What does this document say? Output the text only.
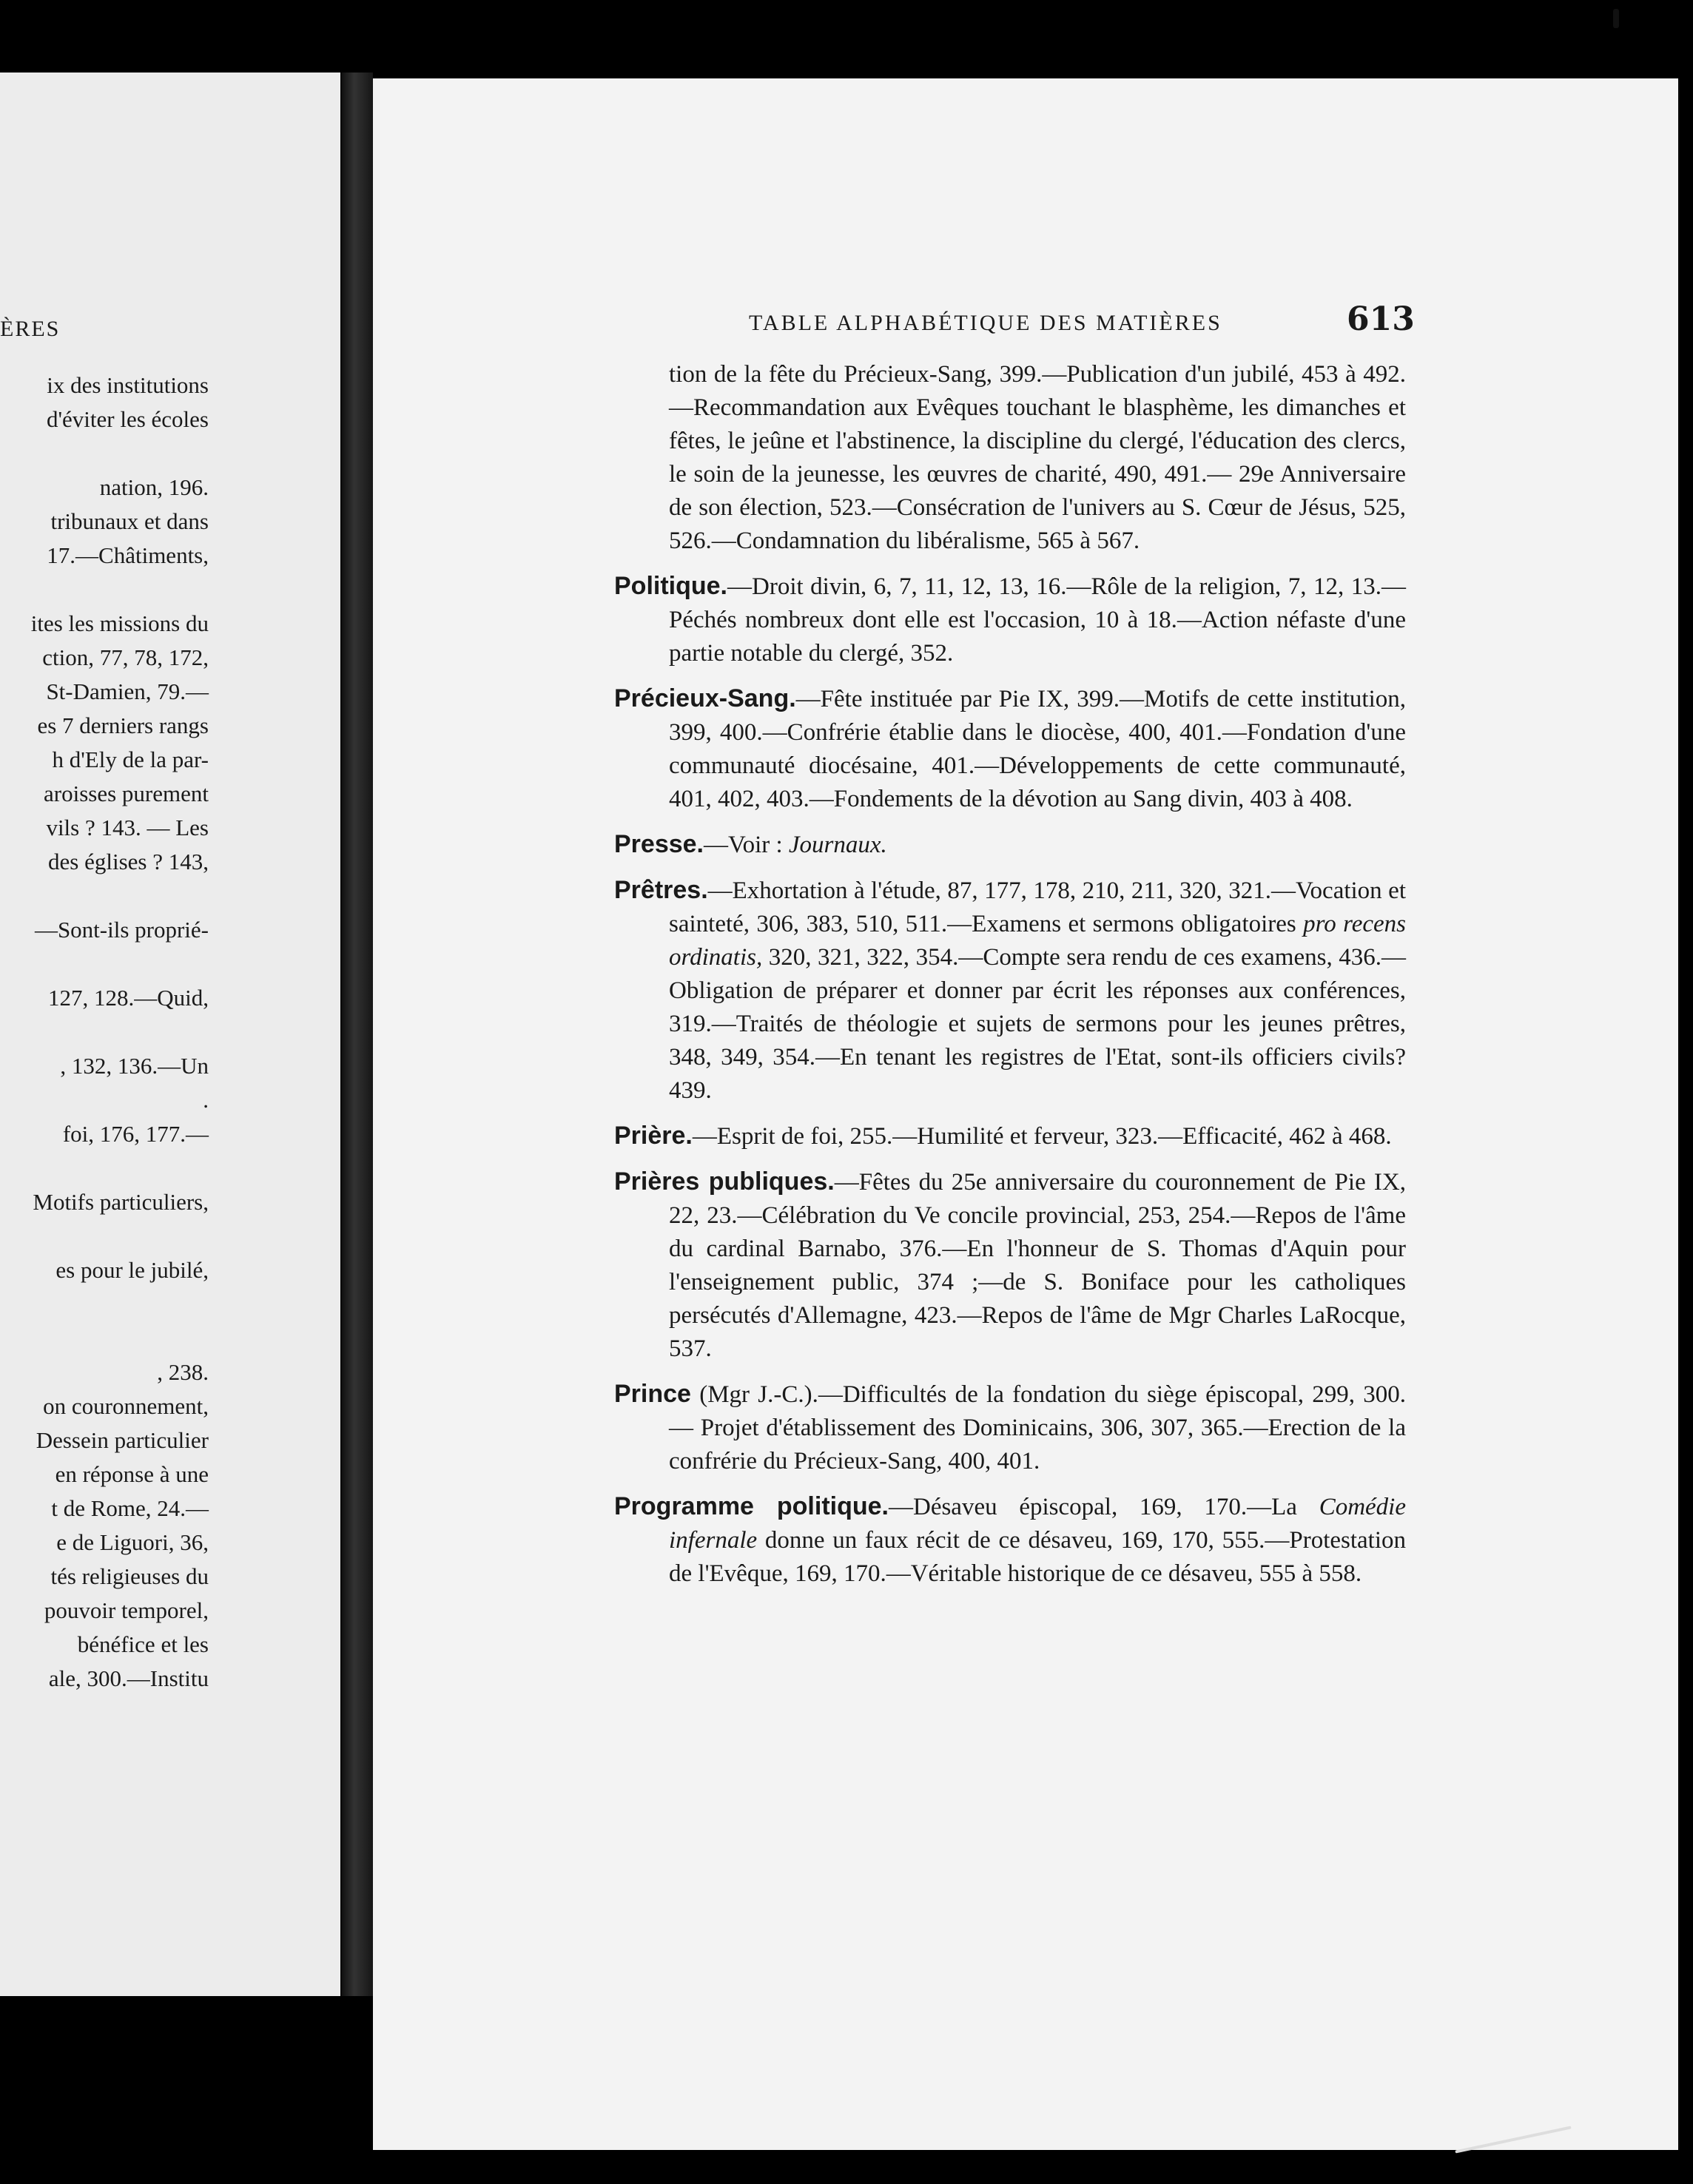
ÈRES
ix des institutions
d'éviter les écoles
nation, 196.
tribunaux et dans
17.—Châtiments,
ites les missions du
ction, 77, 78, 172,
St-Damien, 79.—
es 7 derniers rangs
h d'Ely de la par-
aroisses purement
vils ? 143. — Les
des églises ? 143,
—Sont-ils proprié-
127, 128.—Quid,
, 132, 136.—Un
.
foi, 176, 177.—
Motifs particuliers,
es pour le jubilé,
, 238.
on couronnement,
Dessein particulier
en réponse à une
t de Rome, 24.—
e de Liguori, 36,
tés religieuses du
pouvoir temporel,
bénéfice et les
ale, 300.—Institu
TABLE ALPHABÉTIQUE DES MATIÈRES	613

tion de la fête du Précieux-Sang, 399.—Publication d'un jubilé, 453 à 492.—Recommandation aux Evêques touchant le blasphème, les dimanches et fêtes, le jeûne et l'abstinence, la discipline du clergé, l'éducation des clercs, le soin de la jeunesse, les œuvres de charité, 490, 491.— 29e Anniversaire de son élection, 523.—Consécration de l'univers au S. Cœur de Jésus, 525, 526.—Condamnation du libéralisme, 565 à 567.

Politique.—Droit divin, 6, 7, 11, 12, 13, 16.—Rôle de la religion, 7, 12, 13.—Péchés nombreux dont elle est l'occasion, 10 à 18.—Action néfaste d'une partie notable du clergé, 352.

Précieux-Sang.—Fête instituée par Pie IX, 399.—Motifs de cette institution, 399, 400.—Confrérie établie dans le diocèse, 400, 401.—Fondation d'une communauté diocésaine, 401.—Développements de cette communauté, 401, 402, 403.—Fondements de la dévotion au Sang divin, 403 à 408.

Presse.—Voir : Journaux.

Prêtres.—Exhortation à l'étude, 87, 177, 178, 210, 211, 320, 321.—Vocation et sainteté, 306, 383, 510, 511.—Examens et sermons obligatoires pro recens ordinatis, 320, 321, 322, 354.—Compte sera rendu de ces examens, 436.—Obligation de préparer et donner par écrit les réponses aux conférences, 319.—Traités de théologie et sujets de sermons pour les jeunes prêtres, 348, 349, 354.—En tenant les registres de l'Etat, sont-ils officiers civils? 439.

Prière.—Esprit de foi, 255.—Humilité et ferveur, 323.—Efficacité, 462 à 468.

Prières publiques.—Fêtes du 25e anniversaire du couronnement de Pie IX, 22, 23.—Célébration du Ve concile provincial, 253, 254.—Repos de l'âme du cardinal Barnabo, 376.—En l'honneur de S. Thomas d'Aquin pour l'enseignement public, 374 ;—de S. Boniface pour les catholiques persécutés d'Allemagne, 423.—Repos de l'âme de Mgr Charles LaRocque, 537.

Prince (Mgr J.-C.).—Difficultés de la fondation du siège épiscopal, 299, 300.— Projet d'établissement des Dominicains, 306, 307, 365.—Erection de la confrérie du Précieux-Sang, 400, 401.

Programme politique.—Désaveu épiscopal, 169, 170.—La Comédie infernale donne un faux récit de ce désaveu, 169, 170, 555.—Protestation de l'Evêque, 169, 170.—Véritable historique de ce désaveu, 555 à 558.
